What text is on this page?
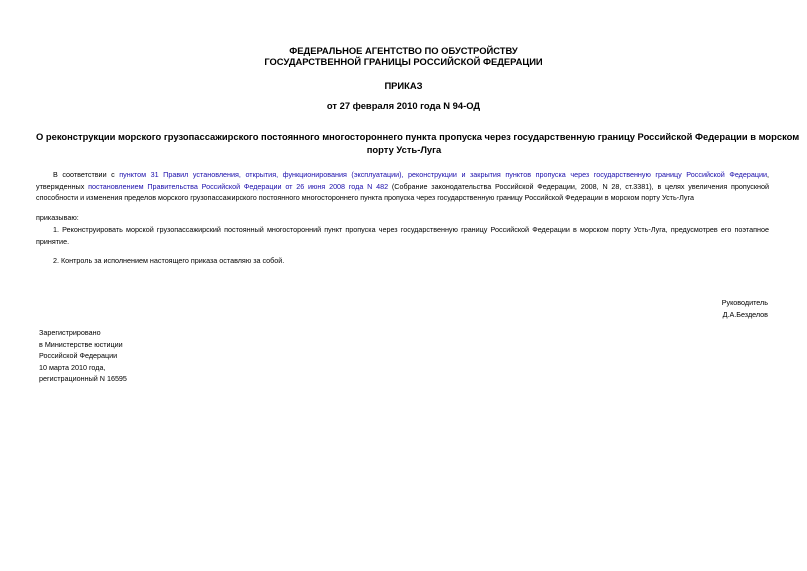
ФЕДЕРАЛЬНОЕ АГЕНТСТВО ПО ОБУСТРОЙСТВУ
ГОСУДАРСТВЕННОЙ ГРАНИЦЫ РОССИЙСКОЙ ФЕДЕРАЦИИ
ПРИКАЗ
от 27 февраля 2010 года N 94-ОД
О реконструкции морского грузопассажирского постоянного многостороннего пункта пропуска через государственную границу Российской Федерации в морском
порту Усть-Луга
В соответствии с пунктом 31 Правил установления, открытия, функционирования (эксплуатации), реконструкции и закрытия пунктов пропуска через государственную границу Российской Федерации, утвержденных постановлением Правительства Российской Федерации от 26 июня 2008 года N 482 (Собрание законодательства Российской Федерации, 2008, N 28, ст.3381), в целях увеличения пропускной способности и изменения пределов морского грузопассажирского постоянного многостороннего пункта пропуска через государственную границу Российской Федерации в морском порту Усть-Луга
приказываю:
1. Реконструировать морской грузопассажирский постоянный многосторонний пункт пропуска через государственную границу Российской Федерации в морском порту Усть-Луга, предусмотрев его поэтапное принятие.
2. Контроль за исполнением настоящего приказа оставляю за собой.
Руководитель
Д.А.Безделов
Зарегистрировано
в Министерстве юстиции
Российской Федерации
10 марта 2010 года,
регистрационный N 16595
